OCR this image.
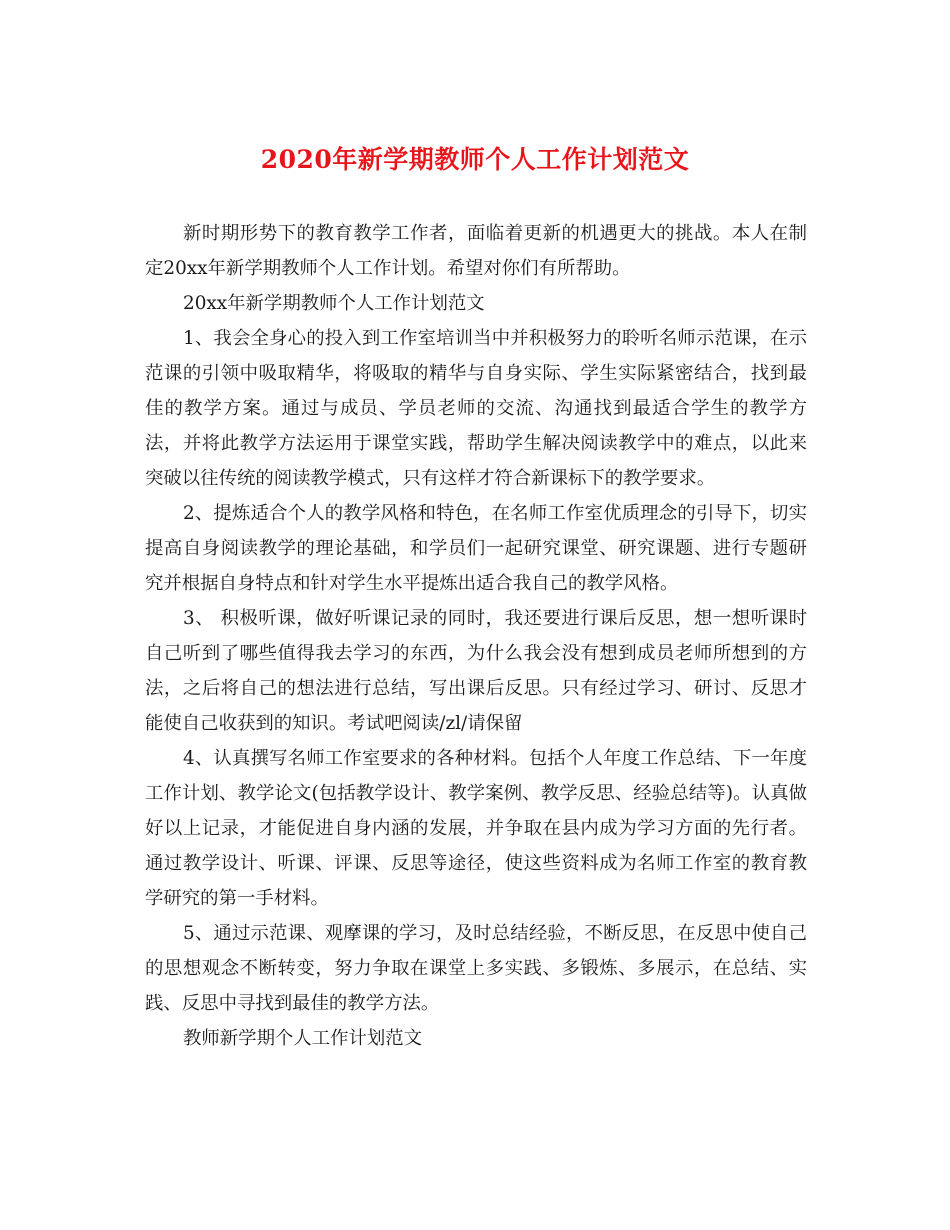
2020年新学期教师个人工作计划范文

新时期形势下的教育教学工作者，面临着更新的机遇更大的挑战。本人在制定20xx年新学期教师个人工作计划。希望对你们有所帮助。

20xx年新学期教师个人工作计划范文

1、我会全身心的投入到工作室培训当中并积极努力的聆听名师示范课，在示范课的引领中吸取精华，将吸取的精华与自身实际、学生实际紧密结合，找到最佳的教学方案。通过与成员、学员老师的交流、沟通找到最适合学生的教学方法，并将此教学方法运用于课堂实践，帮助学生解决阅读教学中的难点，以此来突破以往传统的阅读教学模式，只有这样才符合新课标下的教学要求。

2、提炼适合个人的教学风格和特色，在名师工作室优质理念的引导下，切实提高自身阅读教学的理论基础，和学员们一起研究课堂、研究课题、进行专题研究并根据自身特点和针对学生水平提炼出适合我自己的教学风格。

3、 积极听课，做好听课记录的同时，我还要进行课后反思，想一想听课时自己听到了哪些值得我去学习的东西，为什么我会没有想到成员老师所想到的方法，之后将自己的想法进行总结，写出课后反思。只有经过学习、研讨、反思才能使自己收获到的知识。考试吧阅读/zl/请保留

4、认真撰写名师工作室要求的各种材料。包括个人年度工作总结、下一年度工作计划、教学论文(包括教学设计、教学案例、教学反思、经验总结等)。认真做好以上记录，才能促进自身内涵的发展，并争取在县内成为学习方面的先行者。通过教学设计、听课、评课、反思等途径，使这些资料成为名师工作室的教育教学研究的第一手材料。

5、通过示范课、观摩课的学习，及时总结经验，不断反思，在反思中使自己的思想观念不断转变，努力争取在课堂上多实践、多锻炼、多展示，在总结、实践、反思中寻找到最佳的教学方法。

教师新学期个人工作计划范文
